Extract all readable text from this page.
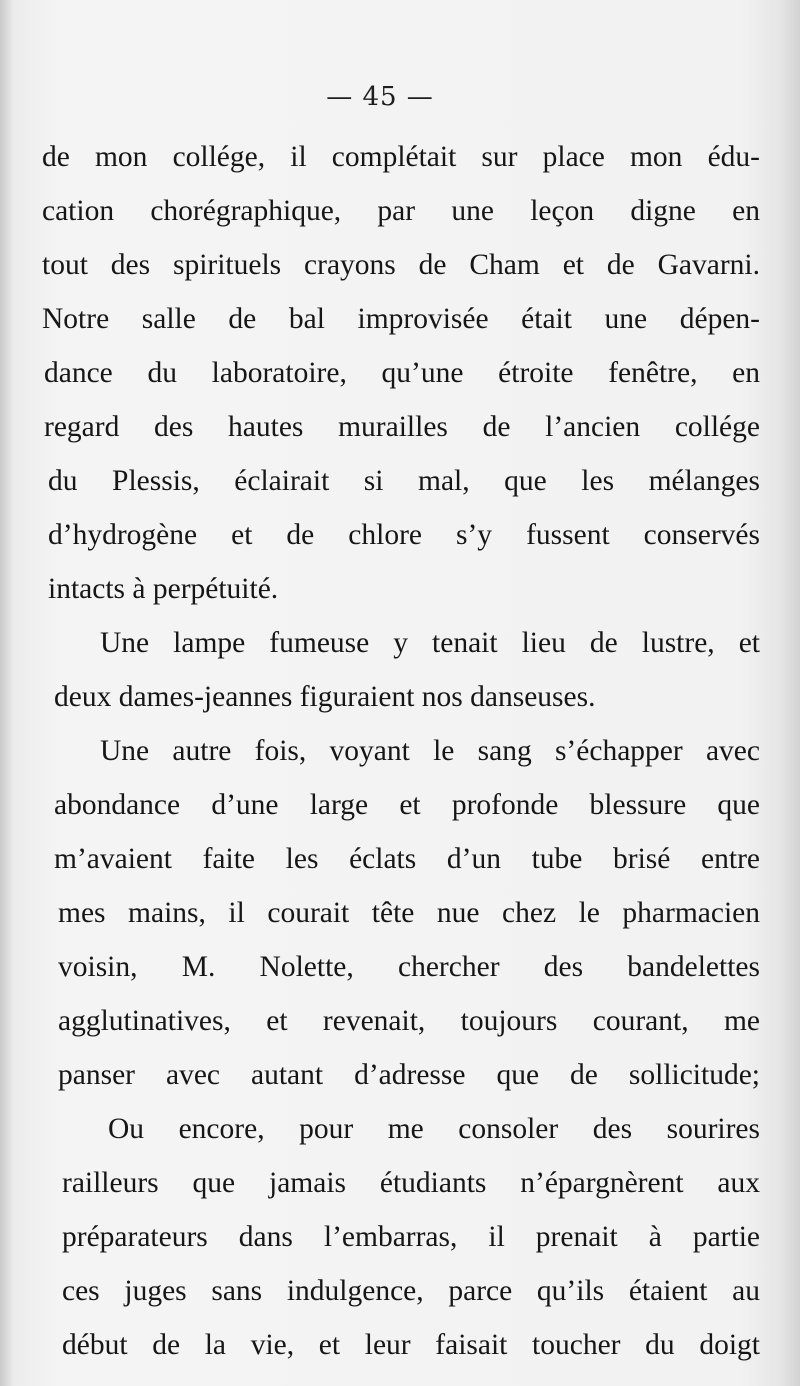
— 45 —
de mon collége, il complétait sur place mon édu-
cation chorégraphique, par une leçon digne en
tout des spirituels crayons de Cham et de Gavarni.
Notre salle de bal improvisée était une dépen-
dance du laboratoire, qu’une étroite fenêtre, en
regard des hautes murailles de l’ancien collége
du Plessis, éclairait si mal, que les mélanges
d’hydrogène et de chlore s’y fussent conservés
intacts à perpétuité.
Une lampe fumeuse y tenait lieu de lustre, et
deux dames-jeannes figuraient nos danseuses.
Une autre fois, voyant le sang s’échapper avec
abondance d’une large et profonde blessure que
m’avaient faite les éclats d’un tube brisé entre
mes mains, il courait tête nue chez le pharmacien
voisin, M. Nolette, chercher des bandelettes
agglutinatives, et revenait, toujours courant, me
panser avec autant d’adresse que de sollicitude;
Ou encore, pour me consoler des sourires
railleurs que jamais étudiants n’épargnèrent aux
préparateurs dans l’embarras, il prenait à partie
ces juges sans indulgence, parce qu’ils étaient au
début de la vie, et leur faisait toucher du doigt
